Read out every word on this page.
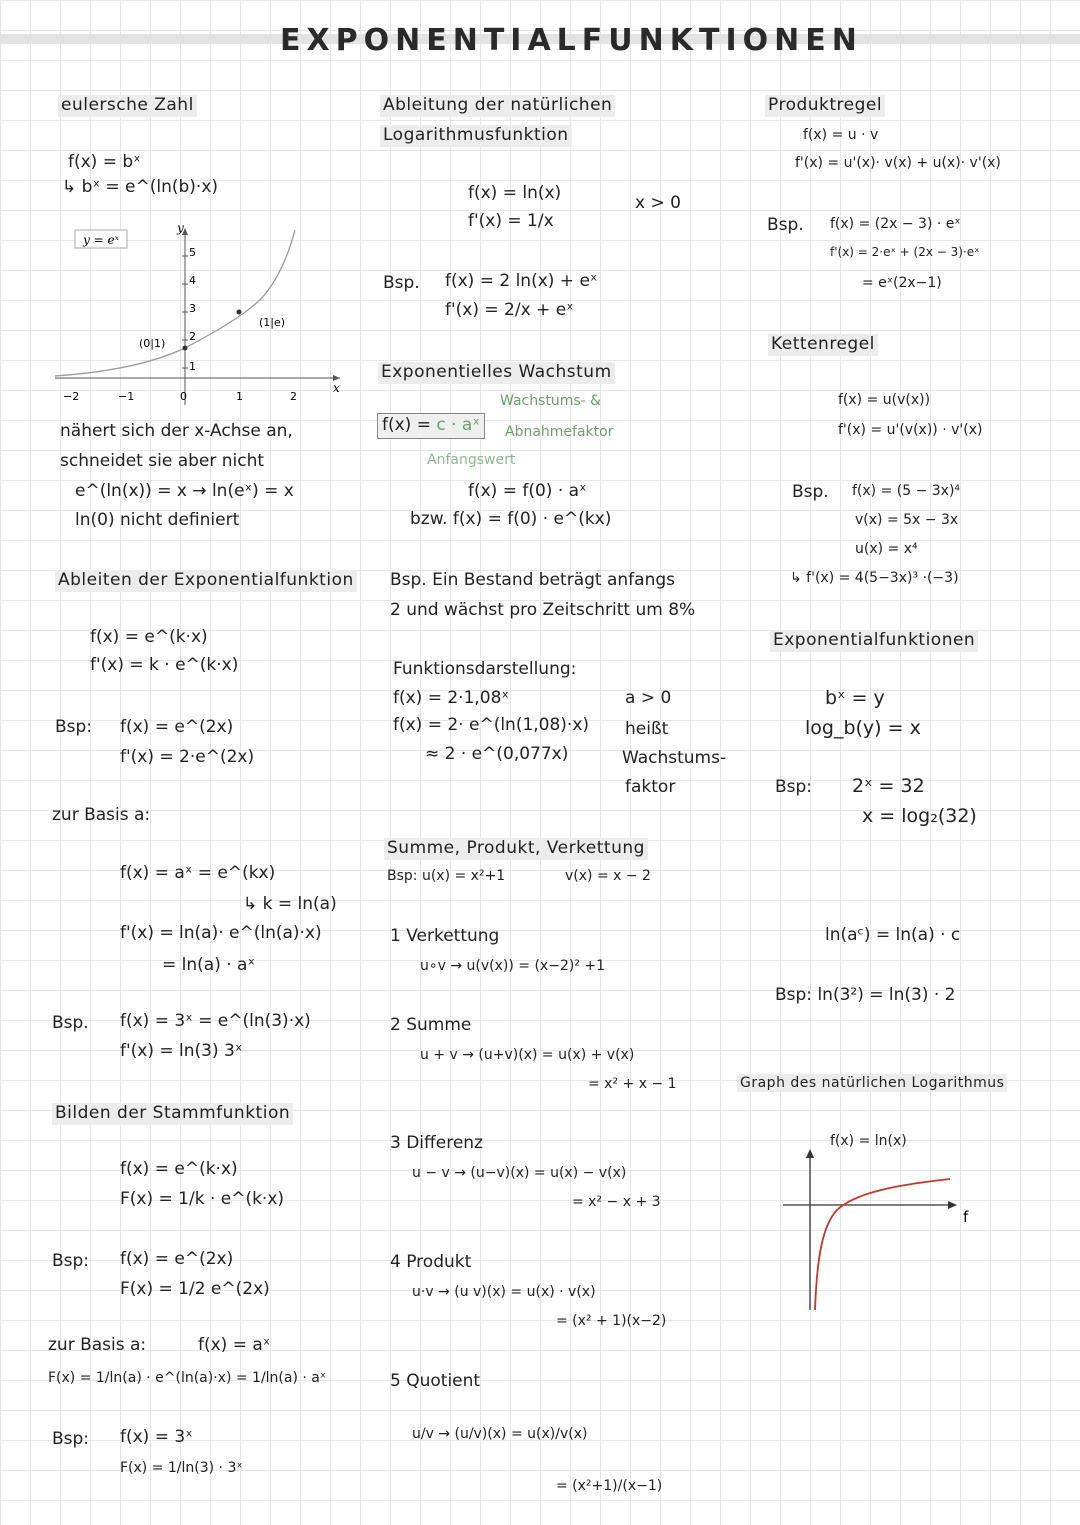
EXPONENTIALFUNKTIONEN
eulersche Zahl
f(x) = bˣ
↳ bˣ = e^(ln(b)·x)
y = eˣ
y
x
5
4
3
2
1
−2	−1	0	1	2
(0|1)
(1|e)
nähert sich der x-Achse an,
schneidet sie aber nicht
e^(ln(x)) = x → ln(eˣ) = x
ln(0) nicht definiert
Ableiten der Exponentialfunktion
f(x) = e^(k·x)
f'(x) = k · e^(k·x)
Bsp: f(x) = e^(2x)
f'(x) = 2·e^(2x)
zur Basis a:
f(x) = aˣ = e^(kx)
↳ k = ln(a)
f'(x) = ln(a)· e^(ln(a)·x)
= ln(a) · aˣ
Bsp. f(x) = 3ˣ = e^(ln(3)·x)
f'(x) = ln(3) 3ˣ
Bilden der Stammfunktion
f(x) = e^(k·x)
F(x) = 1/k · e^(k·x)
Bsp: f(x) = e^(2x)
F(x) = 1/2 e^(2x)
zur Basis a:	f(x) = aˣ
F(x) = 1/ln(a) · e^(ln(a)·x) = 1/ln(a) · aˣ
Bsp: f(x) = 3ˣ
F(x) = 1/ln(3) · 3ˣ
Ableitung der natürlichen
Logarithmusfunktion
f(x) = ln(x)
f'(x) = 1/x
x > 0
Bsp. f(x) = 2 ln(x) + eˣ
f'(x) = 2/x + eˣ
Exponentielles Wachstum
Wachstums- &
f(x) = c · aˣ	Abnahmefaktor
Anfangswert
f(x) = f(0) · aˣ
bzw. f(x) = f(0) · e^(kx)
Bsp. Ein Bestand beträgt anfangs
2 und wächst pro Zeitschritt um 8%
Funktionsdarstellung:
f(x) = 2·1,08ˣ
f(x) = 2· e^(ln(1,08)·x)
≈ 2 · e^(0,077x)
a > 0
heißt
Wachstums-
faktor
Summe, Produkt, Verkettung
Bsp: u(x) = x²+1	v(x) = x − 2
1 Verkettung
u∘v → u(v(x)) = (x−2)² +1
2 Summe
u + v → (u+v)(x) = u(x) + v(x)
= x² + x − 1
3 Differenz
u − v → (u−v)(x) = u(x) − v(x)
= x² − x + 3
4 Produkt
u·v → (u v)(x) = u(x) · v(x)
= (x² + 1)(x−2)
5 Quotient
u/v → (u/v)(x) = u(x)/v(x)
= (x²+1)/(x−1)
Produktregel
f(x) = u · v
f'(x) = u'(x)· v(x) + u(x)· v'(x)
Bsp. f(x) = (2x − 3) · eˣ
f'(x) = 2·eˣ + (2x − 3)·eˣ
= eˣ(2x−1)
Kettenregel
f(x) = u(v(x))
f'(x) = u'(v(x)) · v'(x)
Bsp. f(x) = (5 − 3x)⁴
v(x) = 5x − 3x
u(x) = x⁴
↳ f'(x) = 4(5−3x)³ ·(−3)
Exponentialfunktionen
bˣ = y
log_b(y) = x
Bsp: 2ˣ = 32
x = log₂(32)
ln(aᶜ) = ln(a) · c
Bsp: ln(3²) = ln(3) · 2
Graph des natürlichen Logarithmus
f(x) = ln(x)
f
